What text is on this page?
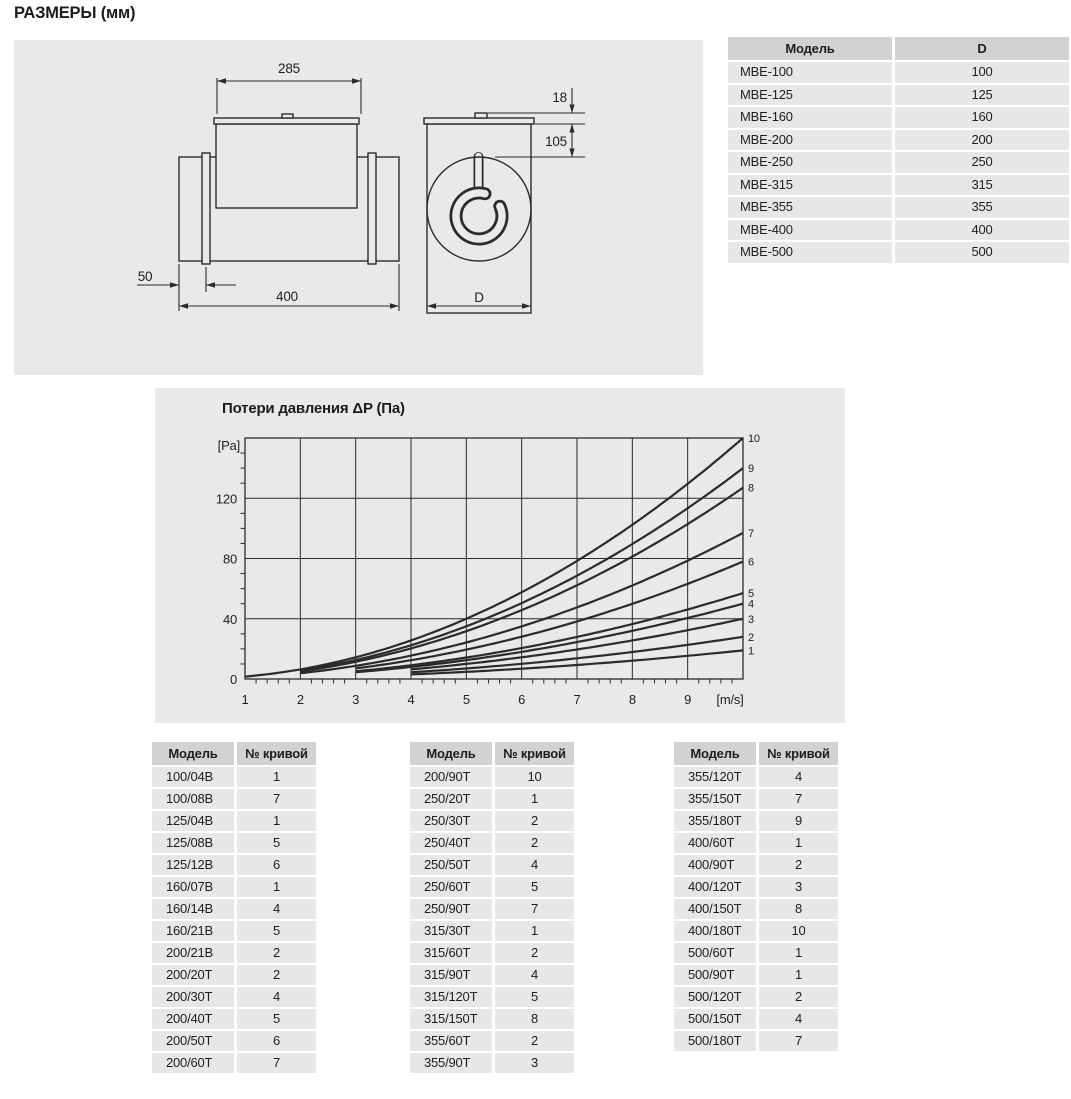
РАЗМЕРЫ (мм)
285
18
105
50
400	D
Модель	D
МВЕ-100	100
МВЕ-125	125
МВЕ-160	160
МВЕ-200	200
МВЕ-250	250
МВЕ-315	315
МВЕ-355	355
МВЕ-400	400
МВЕ-500	500
Потери давления ΔP (Па)
1	2	3	4	5	6	7	8	9 [m/s]
0
40
80
120
[Pa]
1
2
3
4
5
6
7
8
9
10
Модель	№ кривой
100/04В	1
100/08В	7
125/04В	1
125/08В	5
125/12В	6
160/07В	1
160/14В	4
160/21В	5
200/21В	2
200/20Т	2
200/30Т	4
200/40Т	5
200/50Т	6
200/60Т	7
Модель	№ кривой
200/90Т	10
250/20Т	1
250/30Т	2
250/40Т	2
250/50Т	4
250/60Т	5
250/90Т	7
315/30Т	1
315/60Т	2
315/90Т	4
315/120Т	5
315/150Т	8
355/60Т	2
355/90Т	3
Модель	№ кривой
355/120Т	4
355/150Т	7
355/180Т	9
400/60Т	1
400/90Т	2
400/120Т	3
400/150Т	8
400/180Т	10
500/60Т	1
500/90Т	1
500/120Т	2
500/150Т	4
500/180Т	7
